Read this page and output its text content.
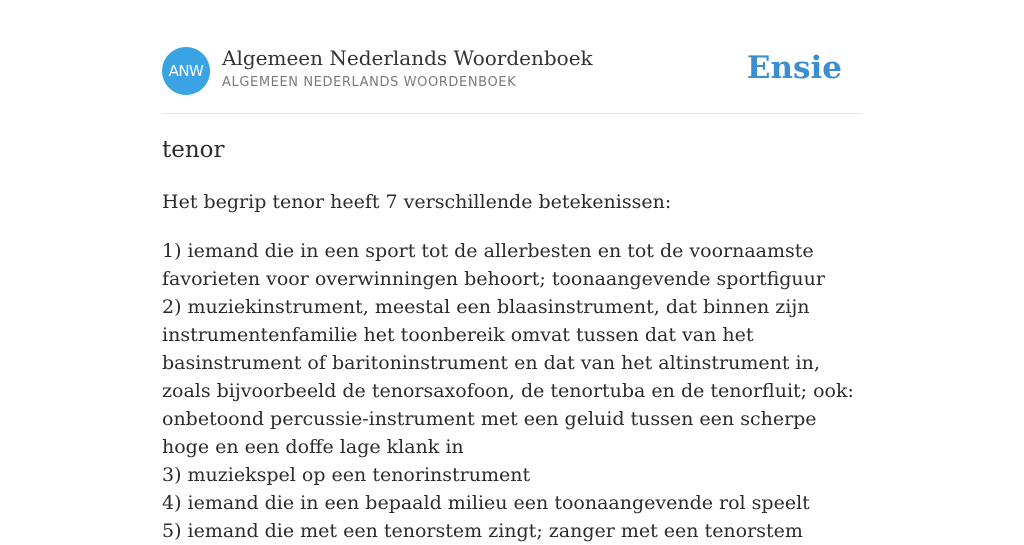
ANW
Algemeen Nederlands Woordenboek
ALGEMEEN NEDERLANDS WOORDENBOEK	Ensie
tenor
Het begrip tenor heeft 7 verschillende betekenissen:
1) iemand die in een sport tot de allerbesten en tot de voornaamste favorieten voor overwinningen behoort; toonaangevende sportfiguur
2) muziekinstrument, meestal een blaasinstrument, dat binnen zijn instrumentenfamilie het toonbereik omvat tussen dat van het basinstrument of baritoninstrument en dat van het altinstrument in, zoals bijvoorbeeld de tenorsaxofoon, de tenortuba en de tenorfluit; ook: onbetoond percussie-instrument met een geluid tussen een scherpe hoge en een doffe lage klank in
3) muziekspel op een tenorinstrument
4) iemand die in een bepaald milieu een toonaangevende rol speelt
5) iemand die met een tenorstem zingt; zanger met een tenorstem
